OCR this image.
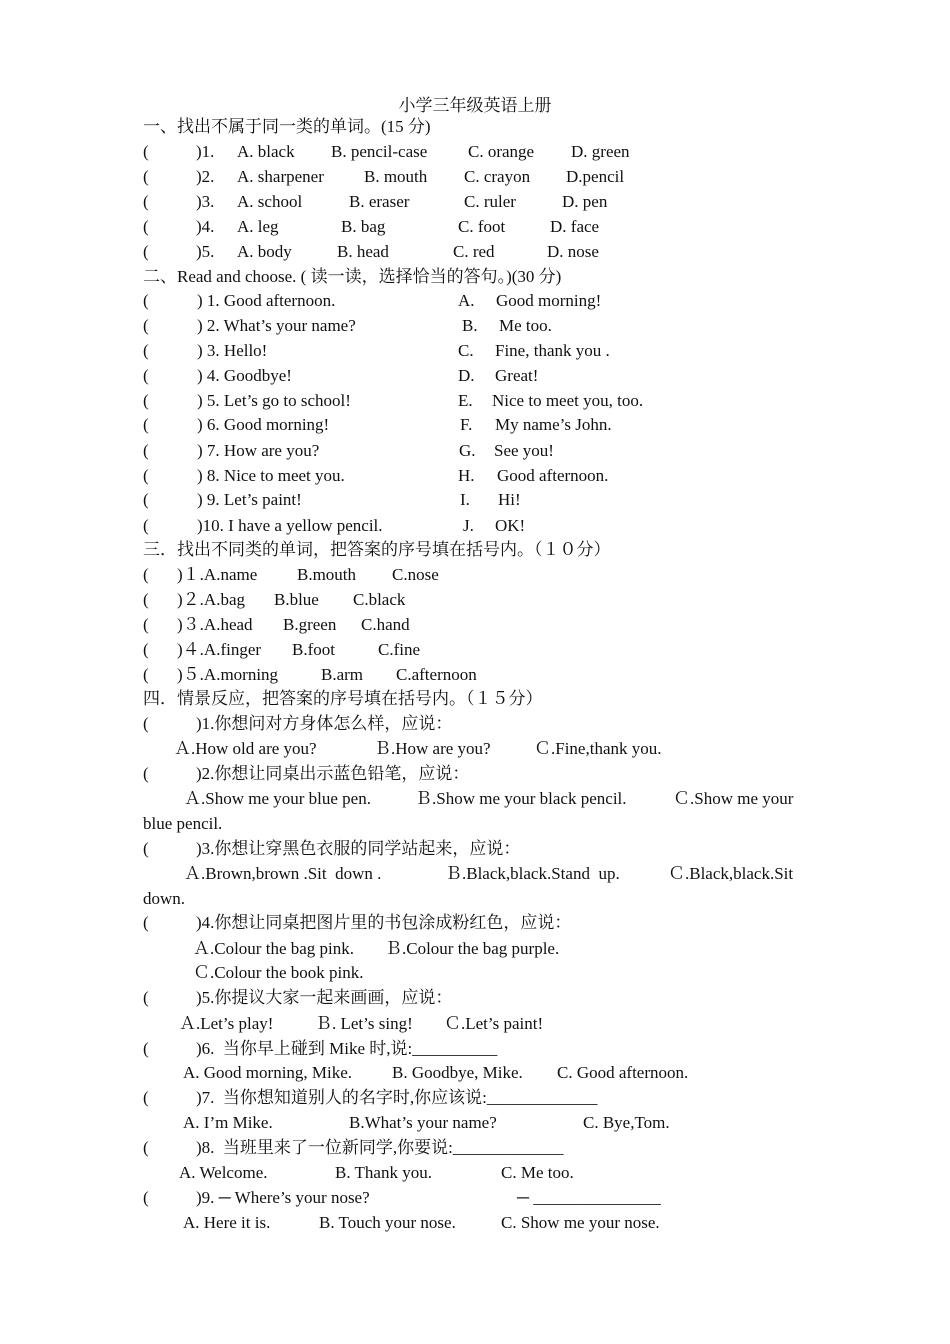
小学三年级英语上册
一、找出不属于同一类的单词。(15 分)
(	)1. A. black B. pencil-case C. orange D. green
(	)2. A. sharpener B. mouth C. crayon D.pencil
(	)3. A. school	B. eraser	C. ruler	D. pen
(	)4. A. leg	B. bag	C. foot	D. face
(	)5. A. body	B. head	C. red	D. nose
二、Read and choose. ( 读一读，选择恰当的答句。)(30 分)
(	) 1. Good afternoon.	A. Good morning!
(	) 2. What’s your name?	B. Me too.
(	) 3. Hello!	C. Fine, thank you .
(	) 4. Goodbye!	D. Great!
(	) 5. Let’s go to school!	E. Nice to meet you, too.
(	) 6. Good morning!	F. My name’s John.
(	) 7. How are you?	G. See you!
(	) 8. Nice to meet you.	H. Good afternoon.
(	) 9. Let’s paint!	I. Hi!
(	)10. I have a yellow pencil.	J. OK!
三．找出不同类的单词，把答案的序号填在括号内。（１０分）
( )１.A.name B.mouth C.nose
( )２.A.bag B.blue C.black
( )３.A.head B.green C.hand
( )４.A.finger B.foot	C.fine
( )５.A.morning	B.arm C.afternoon
四．情景反应，把答案的序号填在括号内。（１５分）
(	)1.你想问对方身体怎么样，应说：
Ａ.How old are you?	Ｂ.How are you?	Ｃ.Fine,thank you.
(	)2.你想让同桌出示蓝色铅笔，应说：
Ａ.Show me your blue pen.	Ｂ.Show me your black pencil.	Ｃ.Show me your
blue pencil.
(	)3.你想让穿黑色衣服的同学站起来，应说：
Ａ.Brown,brown .Sit  down .	Ｂ.Black,black.Stand  up.	Ｃ.Black,black.Sit
down.
(	)4.你想让同桌把图片里的书包涂成粉红色，应说：
Ａ.Colour the bag pink. Ｂ.Colour the bag purple.
Ｃ.Colour the book pink.
(	)5.你提议大家一起来画画，应说：
Ａ.Let’s play! Ｂ. Let’s sing! Ｃ.Let’s paint!
(	)6.  当你早上碰到 Mike 时,说:__________
A. Good morning, Mike. B. Goodbye, Mike. C. Good afternoon.
(	)7.  当你想知道别人的名字时,你应该说:_____________
A. I’m Mike.	B.What’s your name?	C. Bye,Tom.
(	)8.  当班里来了一位新同学,你要说:_____________
A. Welcome.	B. Thank you.	C. Me too.
(	)9. ─ Where’s your nose?	─ _______________
A. Here it is.	B. Touch your nose.	C. Show me your nose.
